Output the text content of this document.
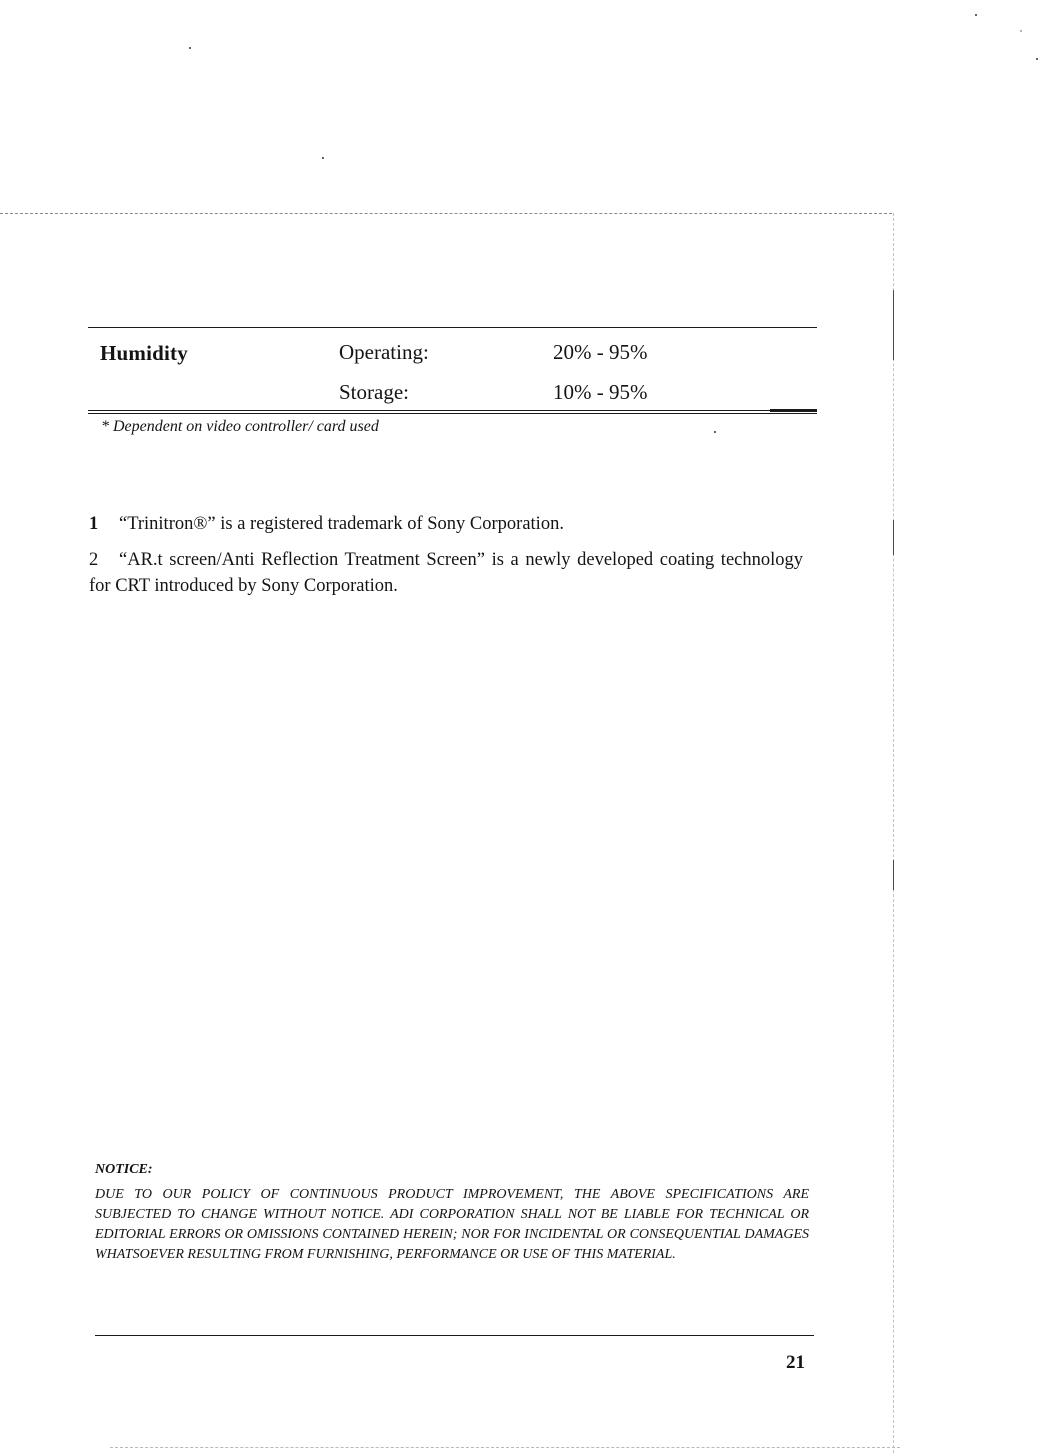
Humidity	Operating:	20% - 95%
Storage:	10% - 95%
* Dependent on video controller/ card used
1 “Trinitron®” is a registered trademark of Sony Corporation.
2 “AR.t screen/Anti Reflection Treatment Screen” is a newly developed coating technology for CRT introduced by Sony Corporation.
NOTICE:
DUE TO OUR POLICY OF CONTINUOUS PRODUCT IMPROVEMENT, THE ABOVE SPECIFICATIONS ARE SUBJECTED TO CHANGE WITHOUT NOTICE. ADI CORPORATION SHALL NOT BE LIABLE FOR TECHNICAL OR EDITORIAL ERRORS OR OMISSIONS CONTAINED HEREIN; NOR FOR INCIDENTAL OR CONSEQUENTIAL DAMAGES WHATSOEVER RESULTING FROM FURNISHING, PERFORMANCE OR USE OF THIS MATERIAL.
21
